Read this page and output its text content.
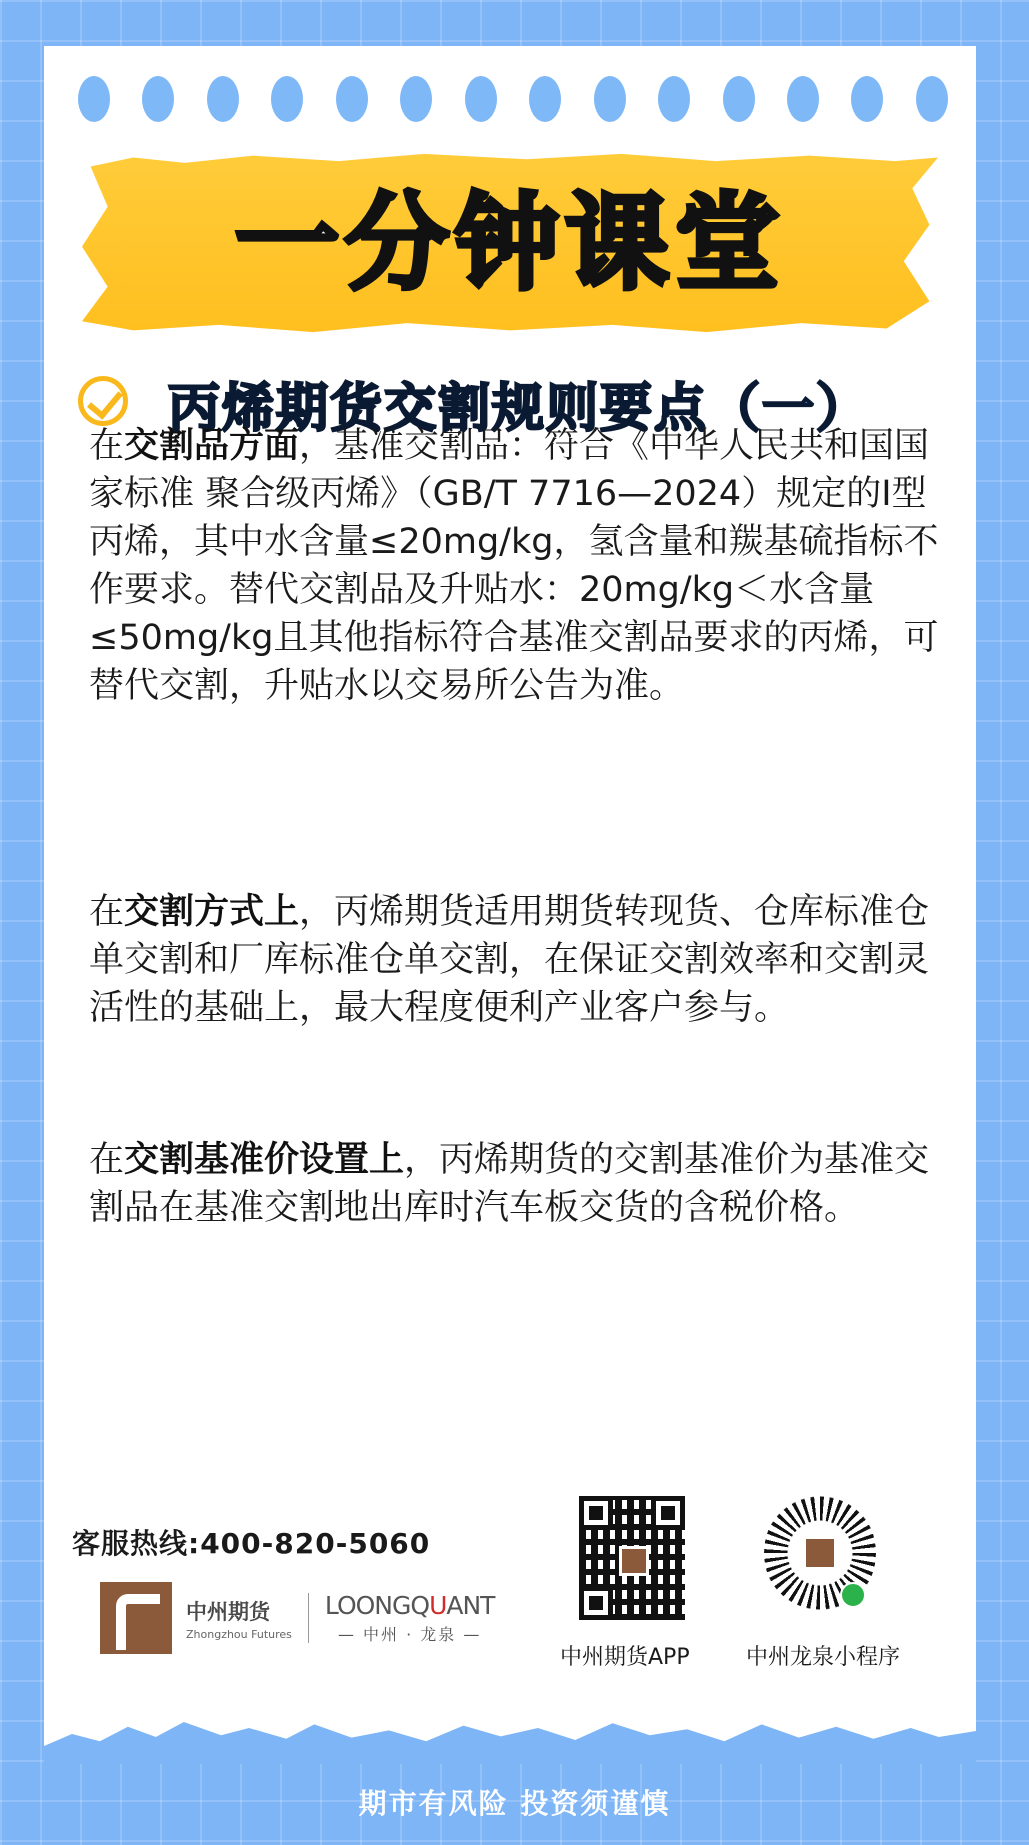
一分钟课堂
丙烯期货交割规则要点（一）

在交割品方面，基准交割品：符合《中华人民共和国国家标准 聚合级丙烯》（GB/T 7716—2024）规定的I型丙烯，其中水含量≤20mg/kg，氢含量和羰基硫指标不作要求。替代交割品及升贴水：20mg/kg＜水含量≤50mg/kg且其他指标符合基准交割品要求的丙烯，可替代交割，升贴水以交易所公告为准。

在交割方式上，丙烯期货适用期货转现货、仓库标准仓单交割和厂库标准仓单交割，在保证交割效率和交割灵活性的基础上，最大程度便利产业客户参与。

在交割基准价设置上，丙烯期货的交割基准价为基准交割品在基准交割地出库时汽车板交货的含税价格。

客服热线:400-820-5060
中州期货
Zhongzhou Futures
LOONGQUANT
— 中州 · 龙泉 —
中州期货APP	中州龙泉小程序
期市有风险 投资须谨慎
